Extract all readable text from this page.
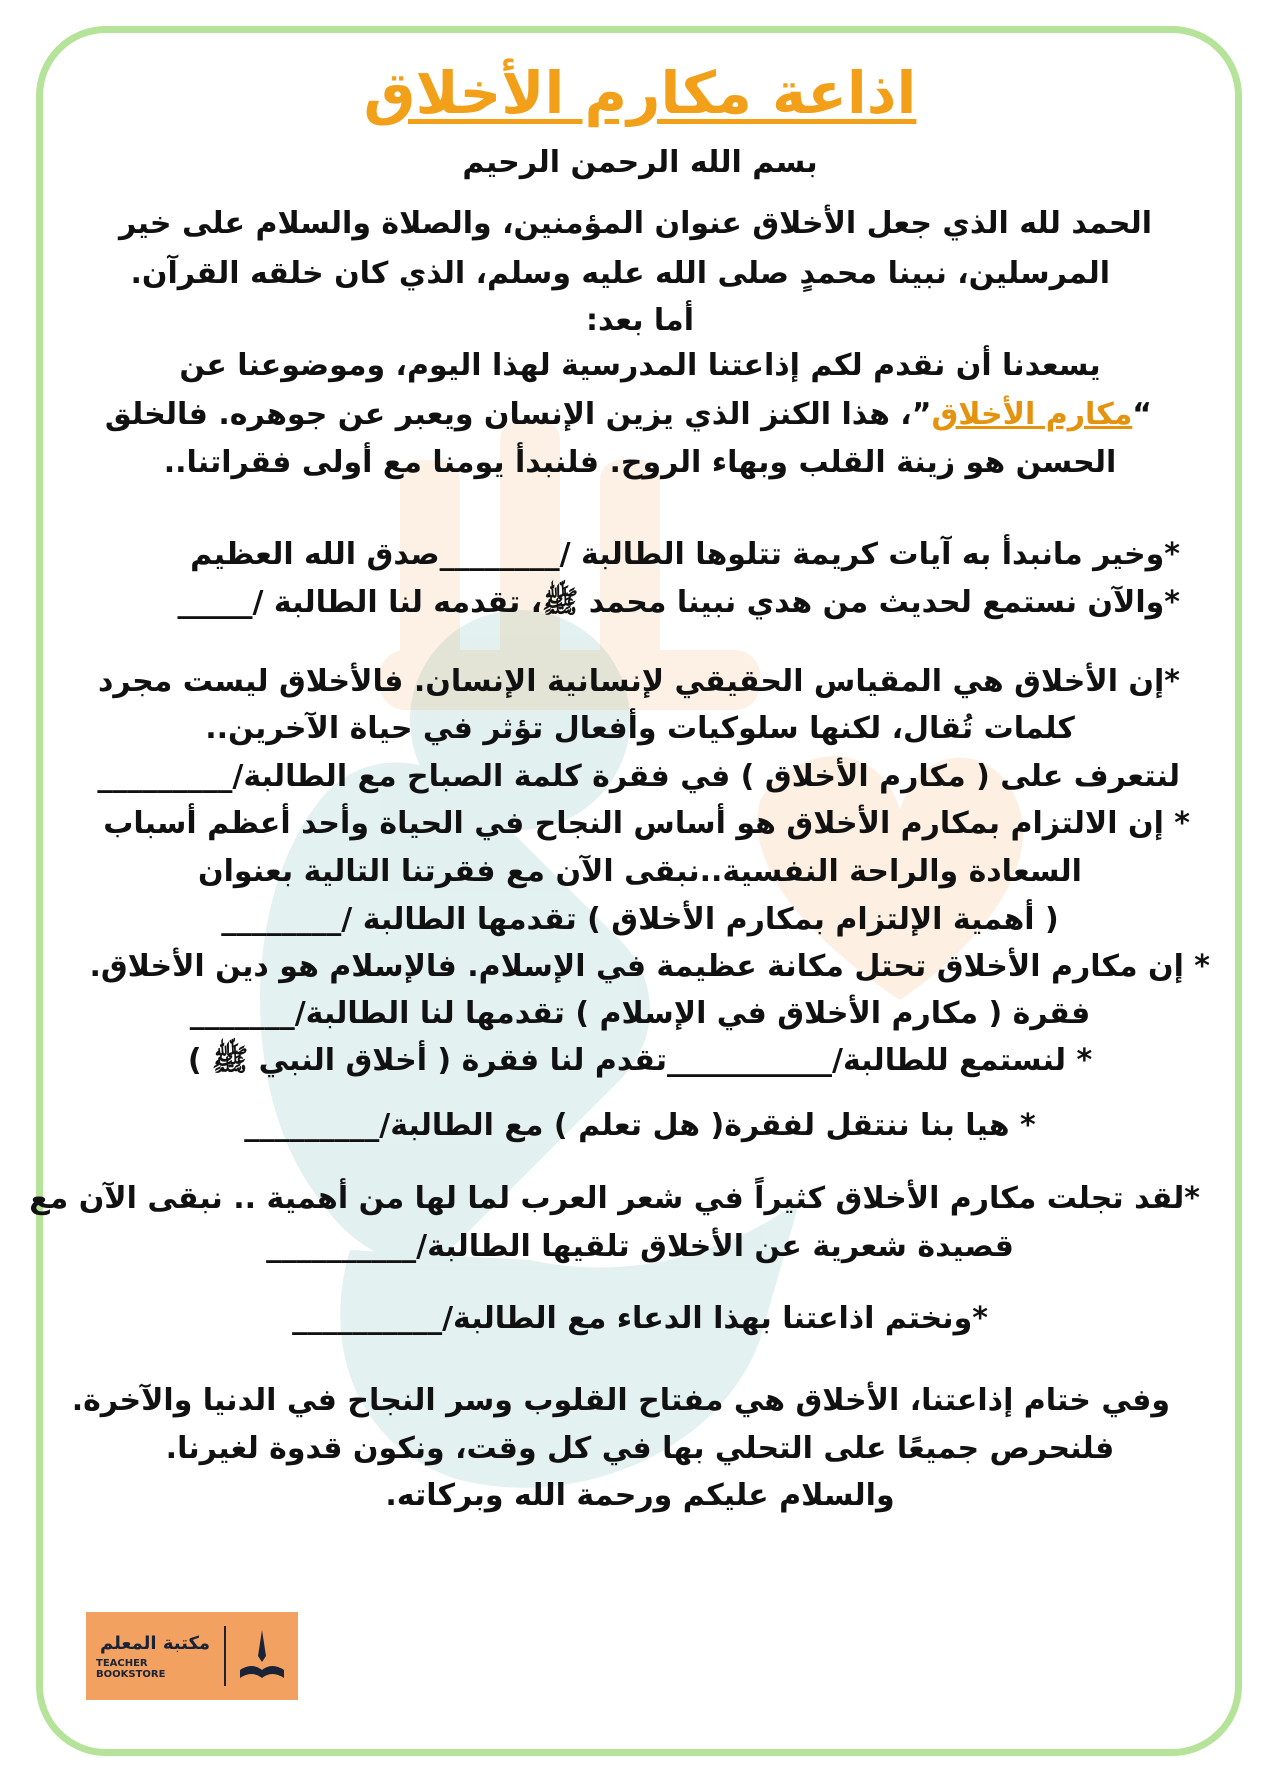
اذاعة مكارم الأخلاق
بسم الله الرحمن الرحيم
الحمد لله الذي جعل الأخلاق عنوان المؤمنين، والصلاة والسلام على خير
المرسلين، نبينا محمدٍ صلى الله عليه وسلم، الذي كان خلقه القرآن.
أما بعد:
يسعدنا أن نقدم لكم إذاعتنا المدرسية لهذا اليوم، وموضوعنا عن
“مكارم الأخلاق”، هذا الكنز الذي يزين الإنسان ويعبر عن جوهره. فالخلق
الحسن هو زينة القلب وبهاء الروح. فلنبدأ يومنا مع أولى فقراتنا..
*وخير مانبدأ به آيات كريمة تتلوها الطالبة /________صدق الله العظيم
*والآن نستمع لحديث من هدي نبينا محمد ﷺ، تقدمه لنا الطالبة /_____
*إن الأخلاق هي المقياس الحقيقي لإنسانية الإنسان. فالأخلاق ليست مجرد
كلمات تُقال، لكنها سلوكيات وأفعال تؤثر في حياة الآخرين..
لنتعرف على ( مكارم الأخلاق ) في فقرة كلمة الصباح مع الطالبة/_________
* إن الالتزام بمكارم الأخلاق هو أساس النجاح في الحياة وأحد أعظم أسباب
السعادة والراحة النفسية..نبقى الآن مع فقرتنا التالية بعنوان
( أهمية الإلتزام بمكارم الأخلاق ) تقدمها الطالبة /________
* إن مكارم الأخلاق تحتل مكانة عظيمة في الإسلام. فالإسلام هو دين الأخلاق.
فقرة ( مكارم الأخلاق في الإسلام ) تقدمها لنا الطالبة/_______
* لنستمع للطالبة/___________تقدم لنا فقرة ( أخلاق النبي ﷺ )
* هيا بنا ننتقل لفقرة( هل تعلم ) مع الطالبة/_________
*لقد تجلت مكارم الأخلاق كثيراً في شعر العرب لما لها من أهمية .. نبقى الآن مع
قصيدة شعرية عن الأخلاق تلقيها الطالبة/__________
*ونختم اذاعتنا بهذا الدعاء مع الطالبة/__________
وفي ختام إذاعتنا، الأخلاق هي مفتاح القلوب وسر النجاح في الدنيا والآخرة.
فلنحرص جميعًا على التحلي بها في كل وقت، ونكون قدوة لغيرنا.
والسلام عليكم ورحمة الله وبركاته.
مكتبة المعلم
TEACHER BOOKSTORE
